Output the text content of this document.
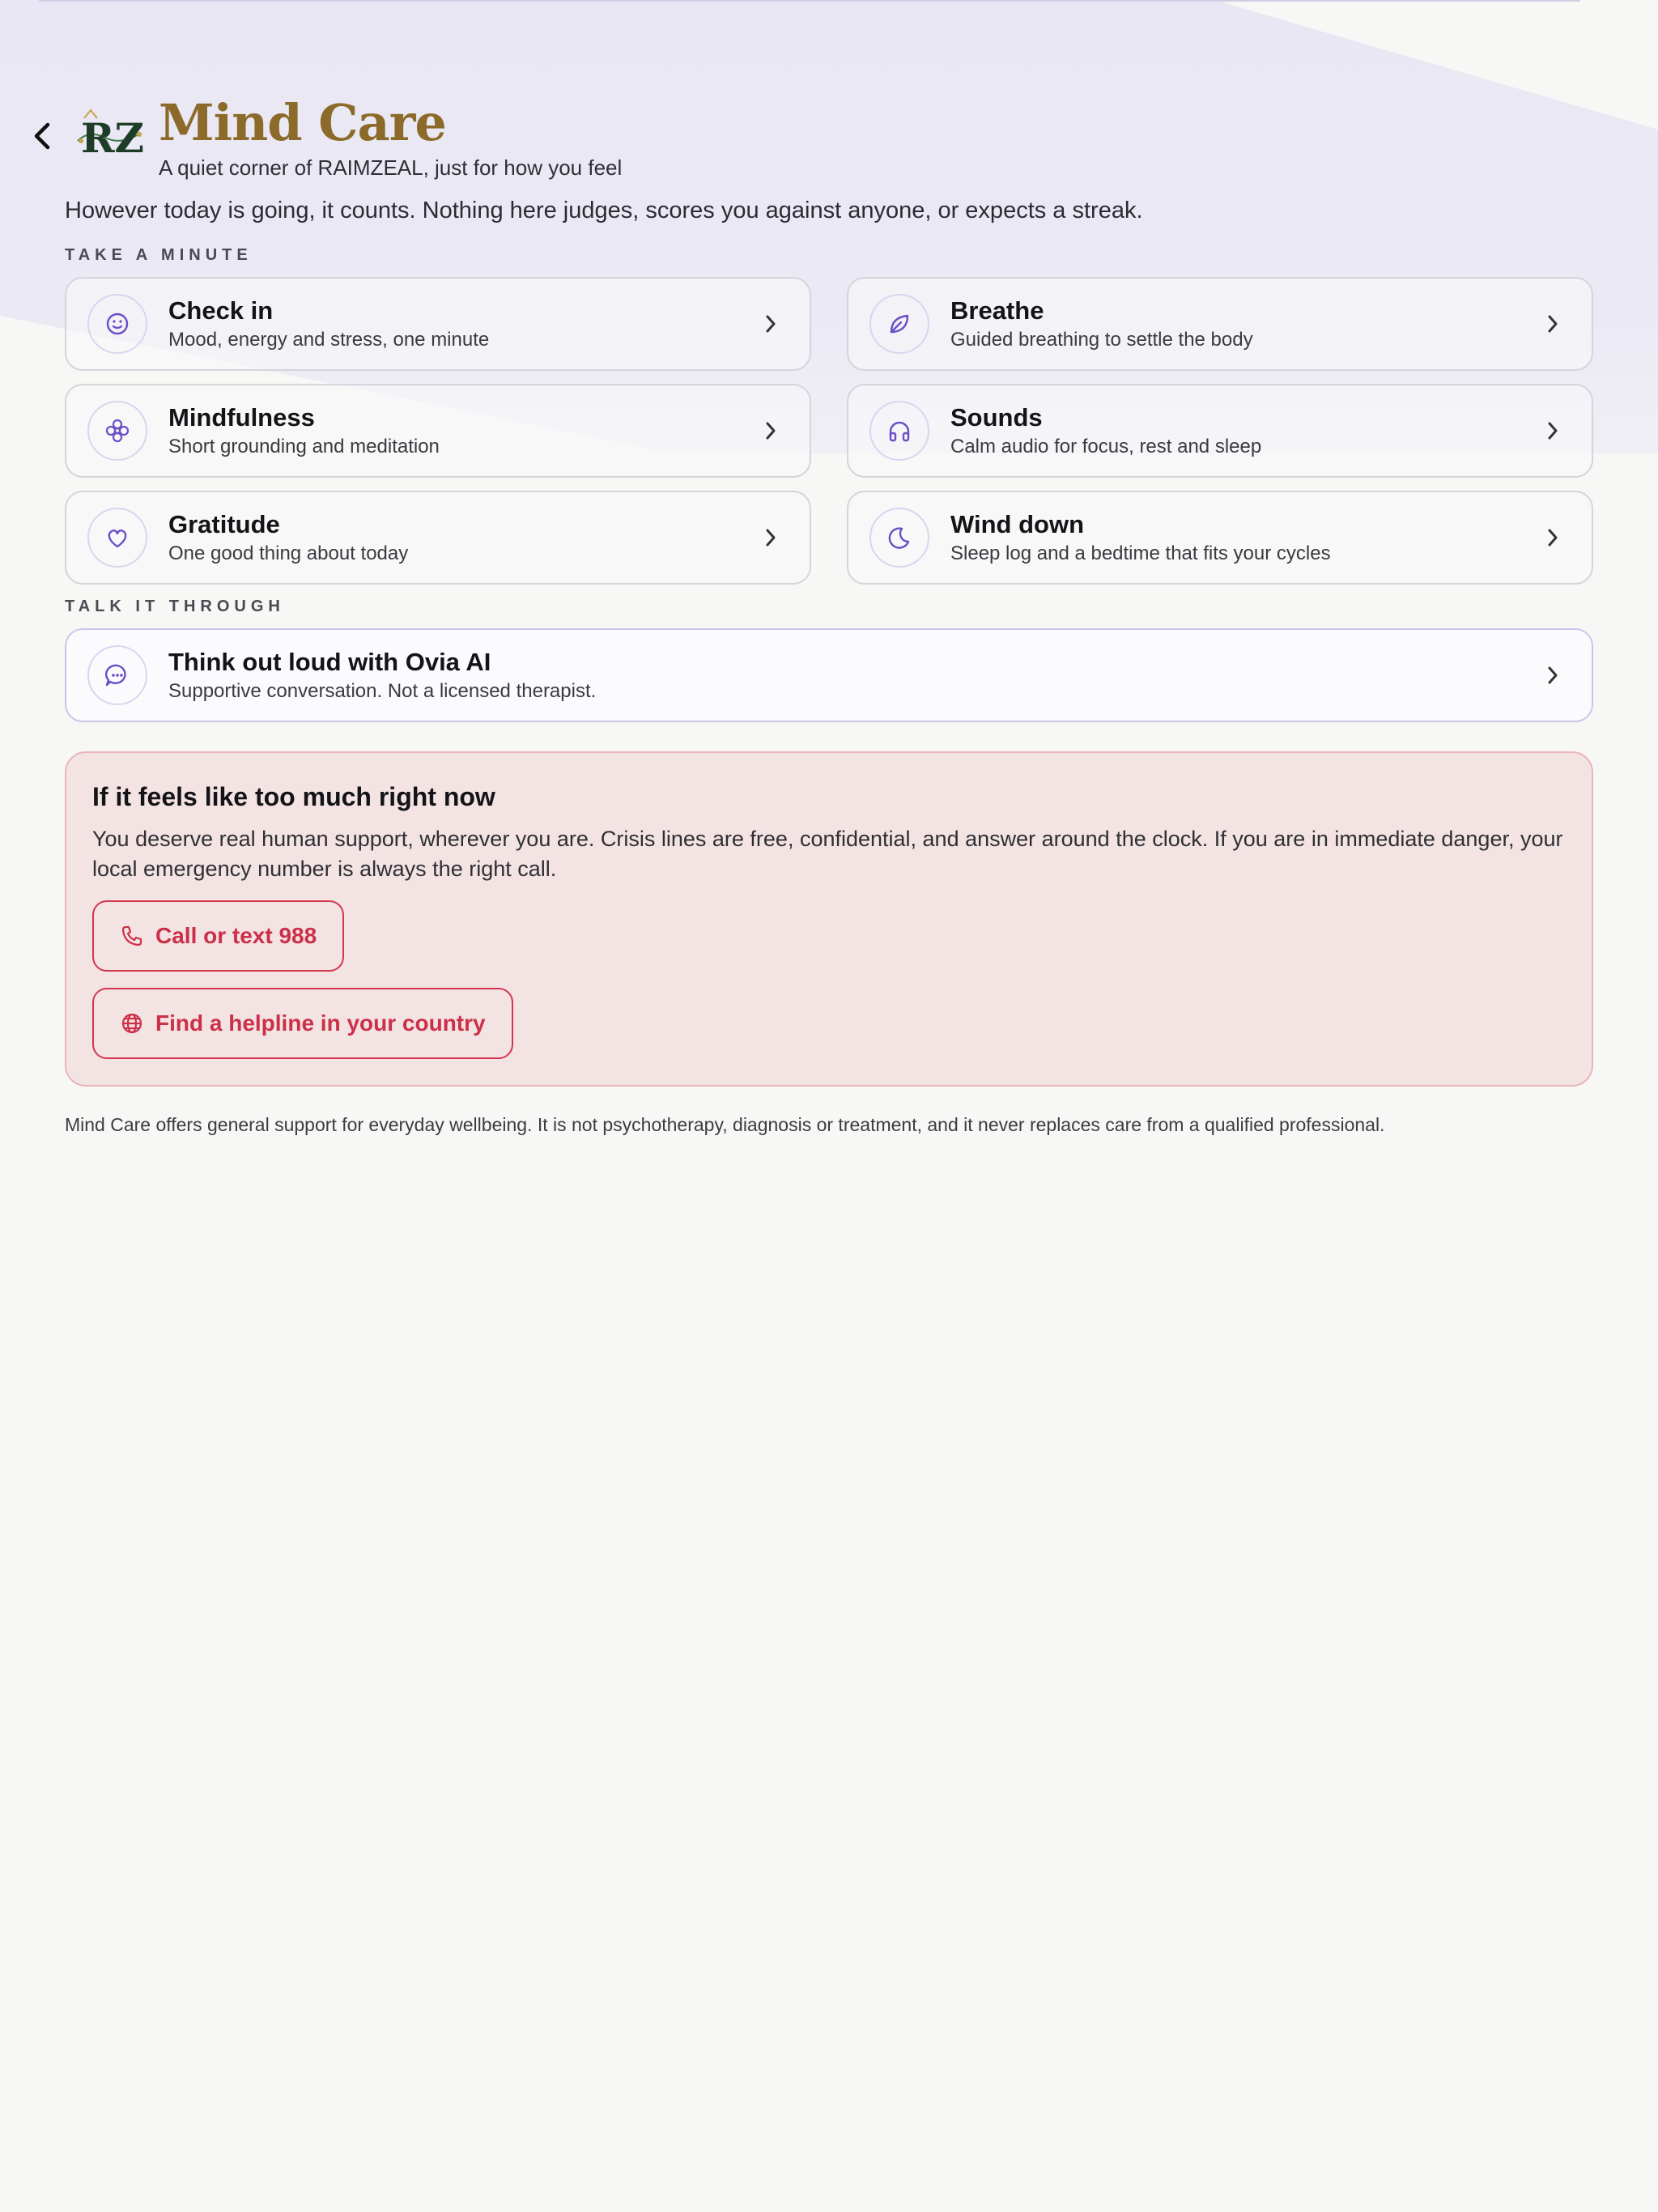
RZ Mind Care
A quiet corner of RAIMZEAL, just for how you feel
However today is going, it counts. Nothing here judges, scores you against anyone, or expects a streak.
TAKE A MINUTE
Check in
Mood, energy and stress, one minute
Breathe
Guided breathing to settle the body
Mindfulness
Short grounding and meditation
Sounds
Calm audio for focus, rest and sleep
Gratitude
One good thing about today
Wind down
Sleep log and a bedtime that fits your cycles
TALK IT THROUGH
Think out loud with Ovia AI
Supportive conversation. Not a licensed therapist.
If it feels like too much right now

You deserve real human support, wherever you are. Crisis lines are free, confidential, and answer around the clock. If you are in immediate danger, your local emergency number is always the right call.

Call or text 988
Find a helpline in your country
Mind Care offers general support for everyday wellbeing. It is not psychotherapy, diagnosis or treatment, and it never replaces care from a qualified professional.
